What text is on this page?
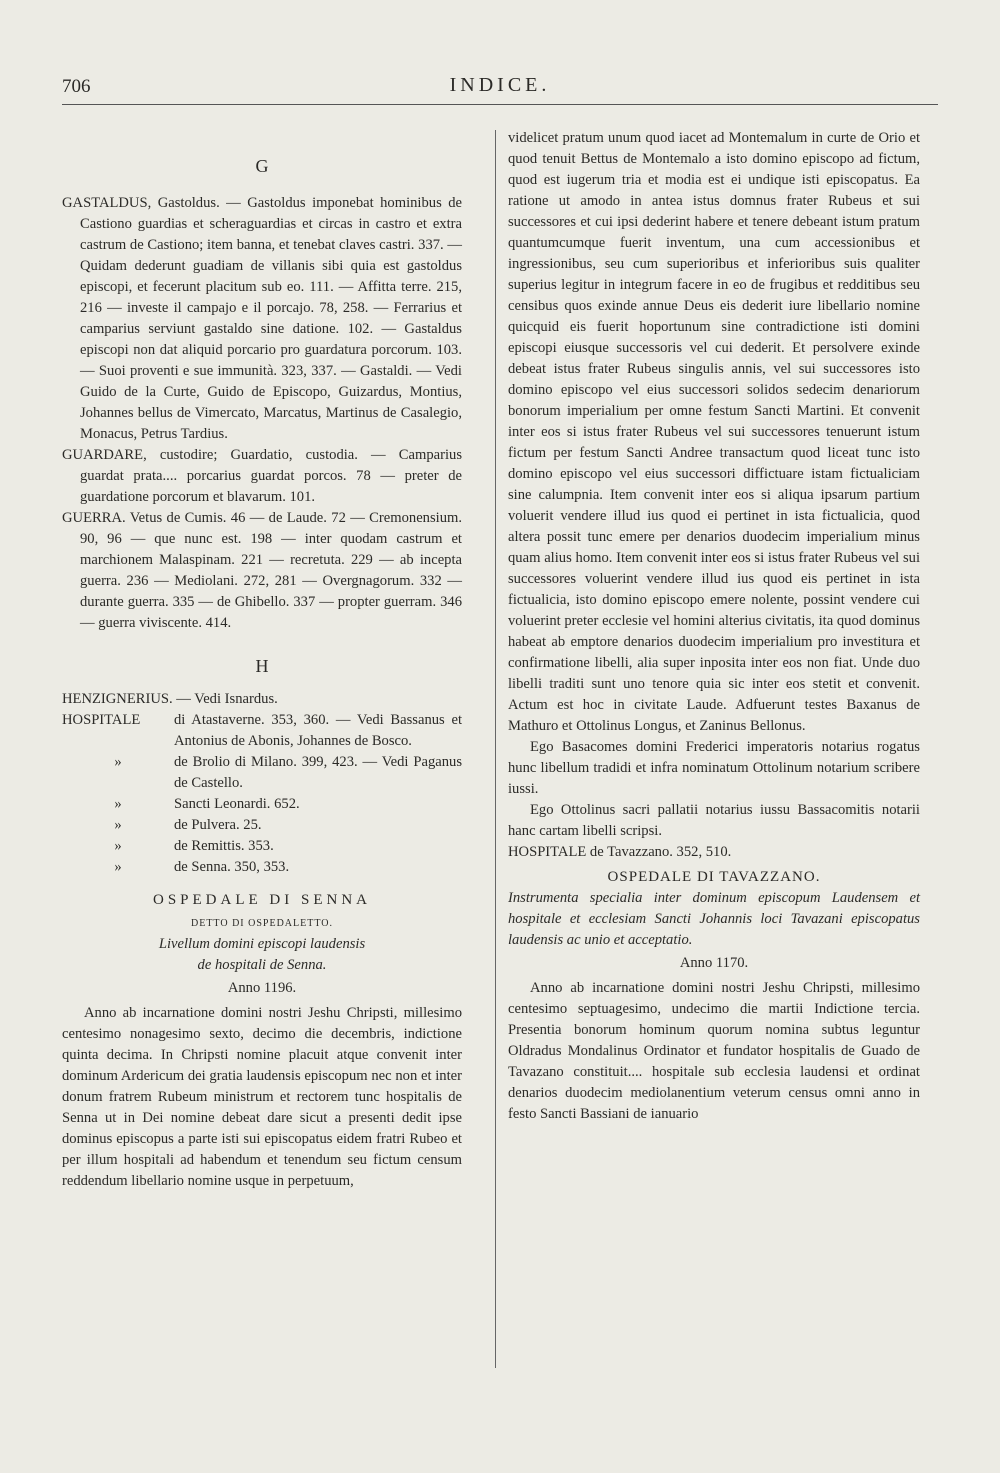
706	INDICE.
G

GASTALDUS, Gastoldus. — Gastoldus imponebat hominibus de Castiono guardias et scheraguardias et circas in castro et extra castrum de Castiono; item banna, et tenebat claves castri. 337. — Quidam dederunt guadiam de villanis sibi quia est gastoldus episcopi, et fecerunt placitum sub eo. 111. — Affitta terre. 215, 216 — investe il campajo e il porcajo. 78, 258. — Ferrarius et camparius serviunt gastaldo sine datione. 102. — Gastaldus episcopi non dat aliquid porcario pro guardatura porcorum. 103. — Suoi proventi e sue immunità. 323, 337. — Gastaldi. — Vedi Guido de la Curte, Guido de Episcopo, Guizardus, Montius, Johannes bellus de Vimercato, Marcatus, Martinus de Casalegio, Monacus, Petrus Tardius.

GUARDARE, custodire; Guardatio, custodia. — Camparius guardat prata.... porcarius guardat porcos. 78 — preter de guardatione porcorum et blavarum. 101.

GUERRA. Vetus de Cumis. 46 — de Laude. 72 — Cremonensium. 90, 96 — que nunc est. 198 — inter quodam castrum et marchionem Malaspinam. 221 — recretuta. 229 — ab incepta guerra. 236 — Mediolani. 272, 281 — Overgnagorum. 332 — durante guerra. 335 — de Ghibello. 337 — propter guerram. 346 — guerra viviscente. 414.

H

HENZIGNERIUS. — Vedi Isnardus.

HOSPITALE	di Atastaverne. 353, 360. — Vedi Bassanus et Antonius de Abonis, Johannes de Bosco.
»	de Brolio di Milano. 399, 423. — Vedi Paganus de Castello.
»	Sancti Leonardi. 652.
»	de Pulvera. 25.
»	de Remittis. 353.
»	de Senna. 350, 353.
OSPEDALE DI SENNA
DETTO DI OSPEDALETTO.
Livellum domini episcopi laudensis
de hospitali de Senna.
Anno 1196.

Anno ab incarnatione domini nostri Jeshu Chripsti, millesimo centesimo nonagesimo sexto, decimo die decembris, indictione quinta decima. In Chripsti nomine placuit atque convenit inter dominum Ardericum dei gratia laudensis episcopum nec non et inter donum fratrem Rubeum ministrum et rectorem tunc hospitalis de Senna ut in Dei nomine debeat dare sicut a presenti dedit ipse dominus episcopus a parte isti sui episcopatus eidem fratri Rubeo et per illum hospitali ad habendum et tenendum seu fictum censum reddendum libellario nomine usque in perpetuum,

videlicet pratum unum quod iacet ad Montemalum in curte de Orio et quod tenuit Bettus de Montemalo a isto domino episcopo ad fictum, quod est iugerum tria et modia est ei undique isti episcopatus. Ea ratione ut amodo in antea istus domnus frater Rubeus et sui successores et cui ipsi dederint habere et tenere debeant istum pratum quantumcumque fuerit inventum, una cum accessionibus et ingressionibus, seu cum superioribus et inferioribus suis qualiter superius legitur in integrum facere in eo de frugibus et redditibus seu censibus quos exinde annue Deus eis dederit iure libellario nomine quicquid eis fuerit hoportunum sine contradictione isti domini episcopi eiusque successoris vel cui dederit. Et persolvere exinde debeat istus frater Rubeus singulis annis, vel sui successores isto domino episcopo vel eius successori solidos sedecim denariorum bonorum imperialium per omne festum Sancti Martini. Et convenit inter eos si istus frater Rubeus vel sui successores tenuerunt istum fictum per festum Sancti Andree transactum quod liceat tunc isto domino episcopo vel eius successori diffictuare istam fictualiciam sine calumpnia. Item convenit inter eos si aliqua ipsarum partium voluerit vendere illud ius quod ei pertinet in ista fictualicia, quod altera possit tunc emere per denarios duodecim imperialium minus quam alius homo. Item convenit inter eos si istus frater Rubeus vel sui successores voluerint vendere illud ius quod eis pertinet in ista fictualicia, isto domino episcopo emere nolente, possint vendere cui voluerint preter ecclesie vel homini alterius civitatis, ita quod dominus habeat ab emptore denarios duodecim imperialium pro investitura et confirmatione libelli, alia super inposita inter eos non fiat. Unde duo libelli traditi sunt uno tenore quia sic inter eos stetit et convenit. Actum est hoc in civitate Laude. Adfuerunt testes Baxanus de Mathuro et Ottolinus Longus, et Zaninus Bellonus.

Ego Basacomes domini Frederici imperatoris notarius rogatus hunc libellum tradidi et infra nominatum Ottolinum notarium scribere iussi.

Ego Ottolinus sacri pallatii notarius iussu Bassacomitis notarii hanc cartam libelli scripsi.

HOSPITALE de Tavazzano. 352, 510.

OSPEDALE DI TAVAZZANO.

Instrumenta specialia inter dominum episcopum Laudensem et hospitale et ecclesiam Sancti Johannis loci Tavazani episcopatus laudensis ac unio et acceptatio.

Anno 1170.

Anno ab incarnatione domini nostri Jeshu Chripsti, millesimo centesimo septuagesimo, undecimo die martii Indictione tercia. Presentia bonorum hominum quorum nomina subtus leguntur Oldradus Mondalinus Ordinator et fundator hospitalis de Guado de Tavazano constituit.... hospitale sub ecclesia laudensi et ordinat denarios duodecim mediolanentium veterum census omni anno in festo Sancti Bassiani de ianuario
